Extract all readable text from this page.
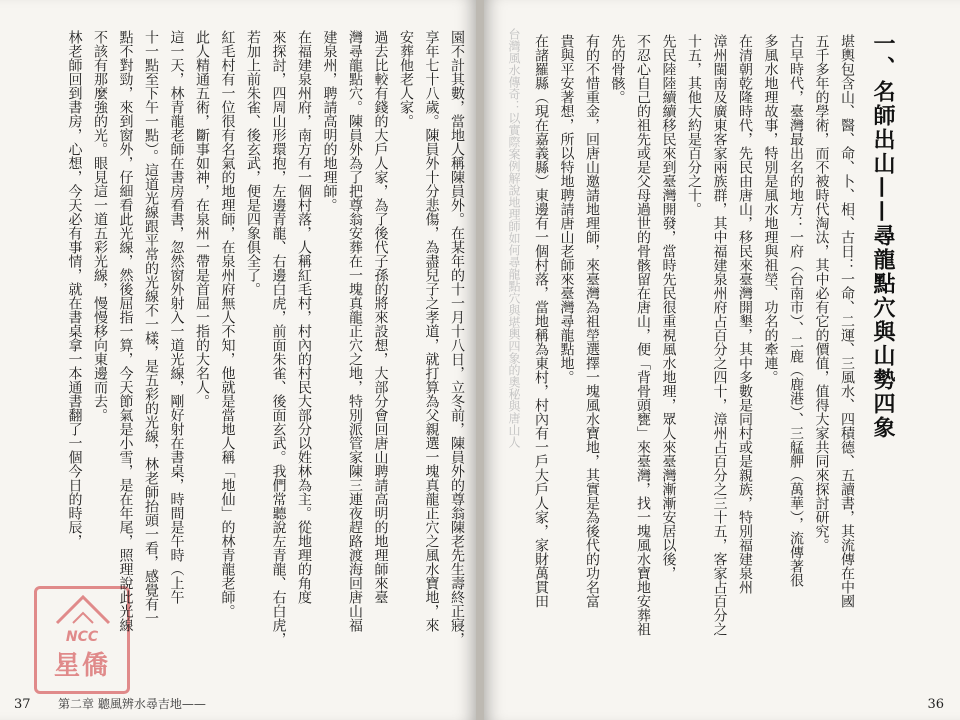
第二章 聽風辨水尋吉地——
37
NCC
星僑
園不計其數，當地人稱陳員外。在某年的十一月十八日，立冬前，陳員外的尊翁陳老先生壽終正寢，
享年七十八歲。陳員外十分悲傷，為盡兒子之孝道，就打算為父親選一塊真龍正穴之風水寶地，來
安葬他老人家。
過去比較有錢的大戶人家，為了後代子孫的將來設想，大部分會回唐山聘請高明的地理師來臺
灣尋龍點穴。陳員外為了把尊翁安葬在一塊真龍正穴之地，特別派管家陳三連夜趕路渡海回唐山福
建泉州，聘請高明的地理師。
在福建泉州府，南方有一個村落，人稱紅毛村，村內的村民大部分以姓林為主。從地理的角度
來探討，四周山形環抱，左邊青龍、右邊白虎，前面朱雀、後面玄武。我們常聽說左青龍、右白虎，
若加上前朱雀、後玄武，便是四象俱全了。
紅毛村有一位很有名氣的地理師，在泉州府無人不知，他就是當地人稱「地仙」的林青龍老師。
此人精通五術，斷事如神，在泉州一帶是首屈一指的大名人。
這一天，林青龍老師在書房看書，忽然窗外射入一道光線，剛好射在書桌，時間是午時（上午
十一點至下午一點）。這道光線跟平常的光線不一樣，是五彩的光線，林老師抬頭一看，感覺有一
點不對勁，來到窗外，仔細看此光線，然後屈指一算，今天節氣是小雪，是在年尾，照理說此光線
不該有那麼強的光。眼見這一道五彩光線，慢慢移向東邊而去。
林老師回到書房，心想，今天必有事情，就在書桌拿一本通書翻了一個今日的時辰，	一、名師出山——尋龍點穴與山勢四象
台灣風水傳奇：以實際案例解說地理師如何尋龍點穴與堪輿四象的奧秘與唐山人
36
堪輿包含山、醫、命、卜、相、古日：一命、二運、三風水、四積德、五讀書，其流傳在中國
五千多年的學術，而不被時代淘汰，其中必有它的價值，值得大家共同來探討研究。
古早時代，臺灣最出名的地方：一府（台南市）、二鹿（鹿港）、三艋舺（萬華），流傳著很
多風水地理故事，特別是風水地理與祖塋、功名的牽連。
在清朝乾隆時代，先民由唐山，移民來臺灣開墾，其中多數是同村或是親族，特別福建泉州
漳州閩南及廣東客家兩族群，其中福建泉州府占百分之四十，漳州占百分之三十五，客家占百分之
十五，其他大約是百分之十。
先民陸陸續續移民來到臺灣開發，當時先民很重視風水地理，眾人來臺灣漸漸安居以後，
不忍心自己的祖先或是父母過世的骨骸留在唐山，便「背骨頭甕」來臺灣，找一塊風水寶地安葬祖
先的骨骸。
有的不惜重金，回唐山邀請地理師，來臺灣為祖塋選擇一塊風水寶地，其實是為後代的功名富
貴與平安著想，所以特地聘請唐山老師來臺灣尋龍點地。
在諸羅縣（現在嘉義縣）東邊有一個村落，當地稱為東村，村內有一戶大戶人家，家財萬貫田
